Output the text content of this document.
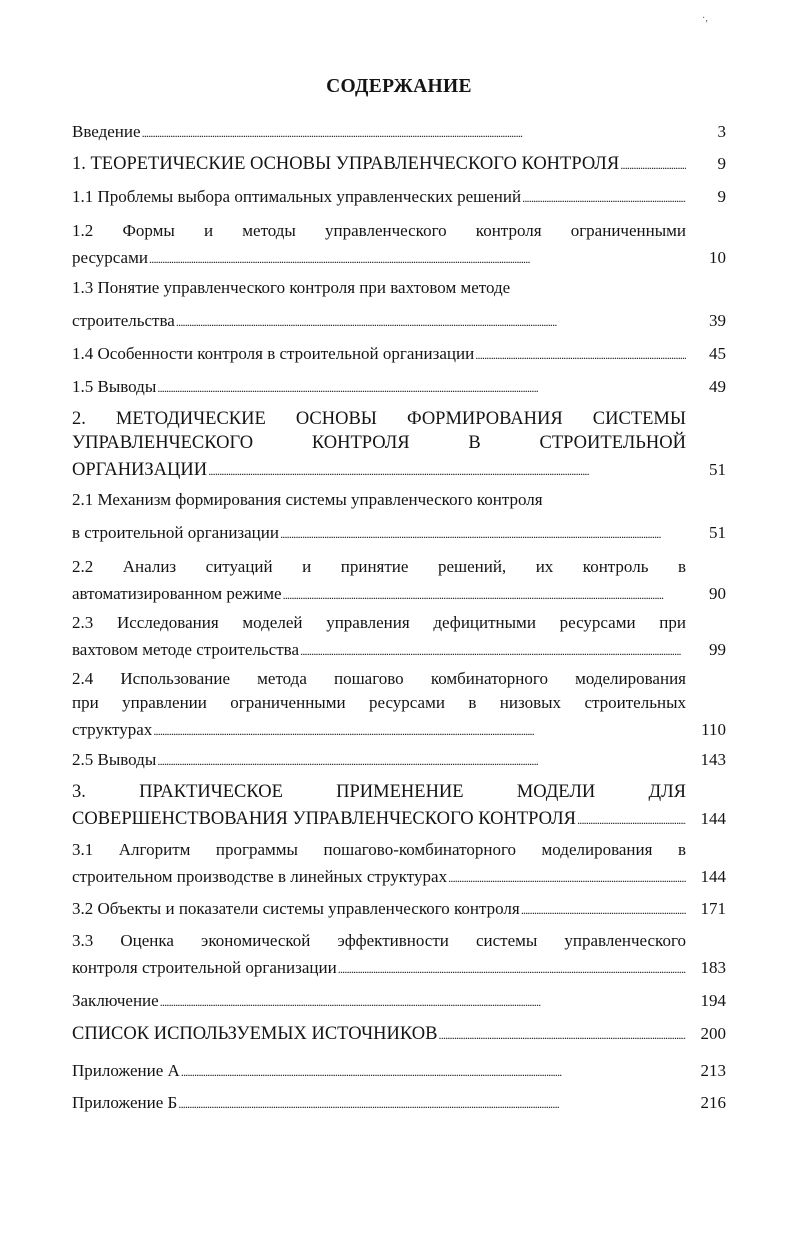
·,
СОДЕРЖАНИЕ
Введение . . .	3
1. ТЕОРЕТИЧЕСКИЕ ОСНОВЫ УПРАВЛЕНЧЕСКОГО КОНТРОЛЯ . . .	9
1.1 Проблемы выбора оптимальных управленческих решений . . .	9
1.2 Формы и методы управленческого контроля ограниченными
ресурсами . . .	10
1.3 Понятие управленческого контроля при вахтовом методе
строительства . . .	39
1.4 Особенности контроля в строительной организации . . .	45
1.5 Выводы . . .	49
2. МЕТОДИЧЕСКИЕ ОСНОВЫ ФОРМИРОВАНИЯ СИСТЕМЫ
УПРАВЛЕНЧЕСКОГО КОНТРОЛЯ В СТРОИТЕЛЬНОЙ
ОРГАНИЗАЦИИ . . .	51
2.1 Механизм формирования системы управленческого контроля
в строительной организации . . .	51
2.2 Анализ ситуаций и принятие решений, их контроль в
автоматизированном режиме . . .	90
2.3 Исследования моделей управления дефицитными ресурсами при
вахтовом методе строительства . . .	99
2.4 Использование метода пошагово комбинаторного моделирования
при управлении ограниченными ресурсами в низовых строительных
структурах . . .	110
2.5 Выводы . . .	143
3. ПРАКТИЧЕСКОЕ ПРИМЕНЕНИЕ МОДЕЛИ ДЛЯ
СОВЕРШЕНСТВОВАНИЯ УПРАВЛЕНЧЕСКОГО КОНТРОЛЯ . . .	144
3.1 Алгоритм программы пошагово-комбинаторного моделирования в
строительном производстве в линейных структурах . . .	144
3.2 Объекты и показатели системы управленческого контроля . . .	171
3.3 Оценка экономической эффективности системы управленческого
контроля строительной организации . . .	183
Заключение . . .	194
СПИСОК ИСПОЛЬЗУЕМЫХ ИСТОЧНИКОВ . . .	200
Приложение А . . .	213
Приложение Б . . .	216
